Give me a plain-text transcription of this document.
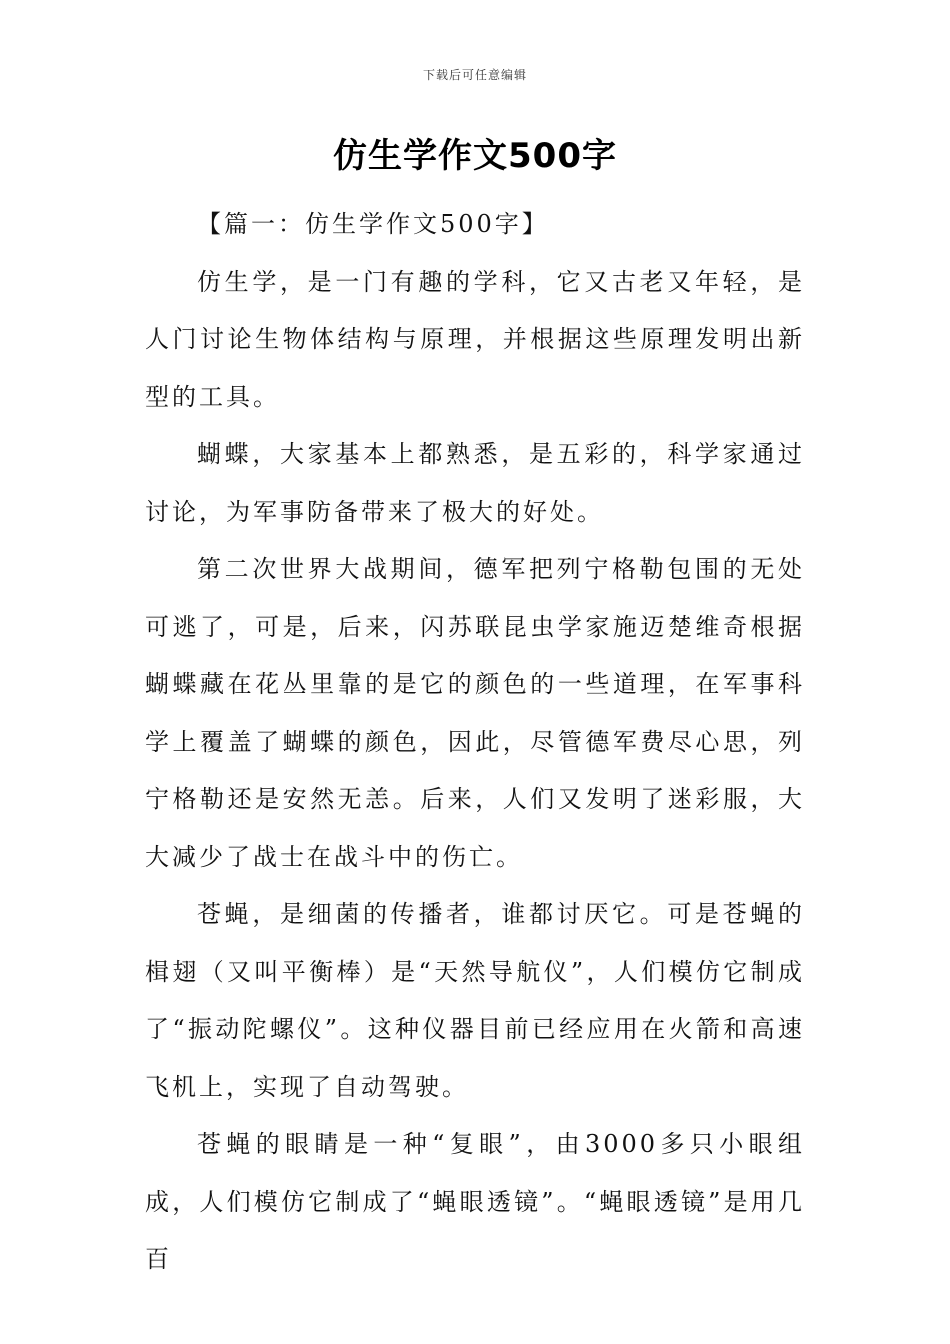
下载后可任意编辑
仿生学作文500字

【篇一：仿生学作文500字】

仿生学，是一门有趣的学科，它又古老又年轻，是人门讨论生物体结构与原理，并根据这些原理发明出新型的工具。

蝴蝶，大家基本上都熟悉，是五彩的，科学家通过讨论，为军事防备带来了极大的好处。

第二次世界大战期间，德军把列宁格勒包围的无处可逃了，可是，后来，闪苏联昆虫学家施迈楚维奇根据蝴蝶藏在花丛里靠的是它的颜色的一些道理，在军事科学上覆盖了蝴蝶的颜色，因此，尽管德军费尽心思，列宁格勒还是安然无恙。后来，人们又发明了迷彩服，大大减少了战士在战斗中的伤亡。

苍蝇，是细菌的传播者，谁都讨厌它。可是苍蝇的楫翅（又叫平衡棒）是“天然导航仪”，人们模仿它制成了“振动陀螺仪”。这种仪器目前已经应用在火箭和高速飞机上，实现了自动驾驶。

苍蝇的眼睛是一种“复眼”，由3000多只小眼组成，人们模仿它制成了“蝇眼透镜”。“蝇眼透镜”是用几百
